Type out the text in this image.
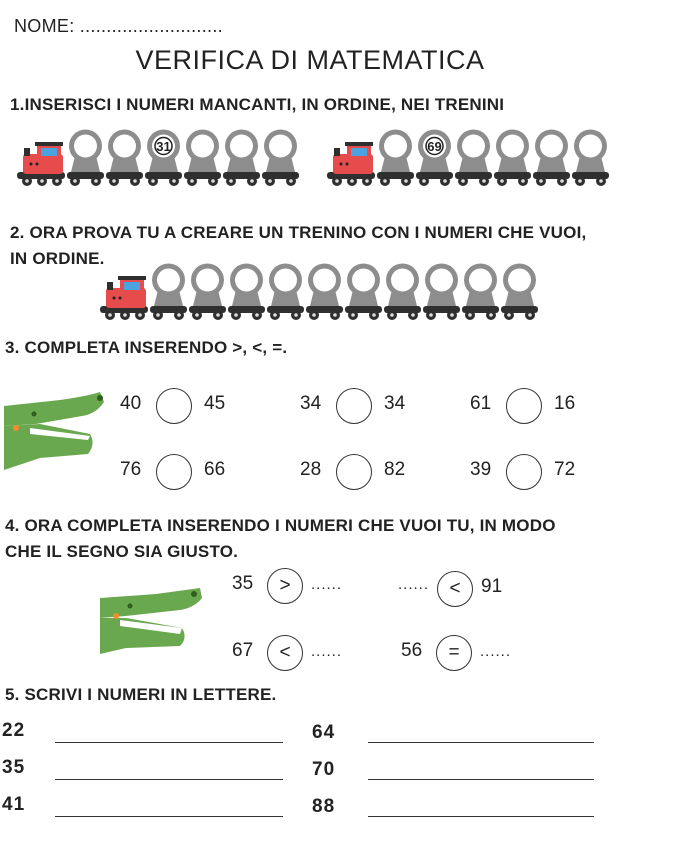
NOME: ...........................
VERIFICA DI MATEMATICA
1.INSERISCI I NUMERI MANCANTI, IN ORDINE, NEI TRENINI
31	69
2. ORA PROVA TU A CREARE UN TRENINO CON I NUMERI CHE VUOI,
IN ORDINE.
3. COMPLETA INSERENDO >, <, =.
40	45	34	34	61	16
76	66	28	82	39	72
4. ORA COMPLETA INSERENDO I NUMERI CHE VUOI TU, IN MODO
CHE IL SEGNO SIA GIUSTO.
35	>	......	......	<	91
67	<	......	56	=	......
5. SCRIVI I NUMERI IN LETTERE.
22
35
41
64
70
88
